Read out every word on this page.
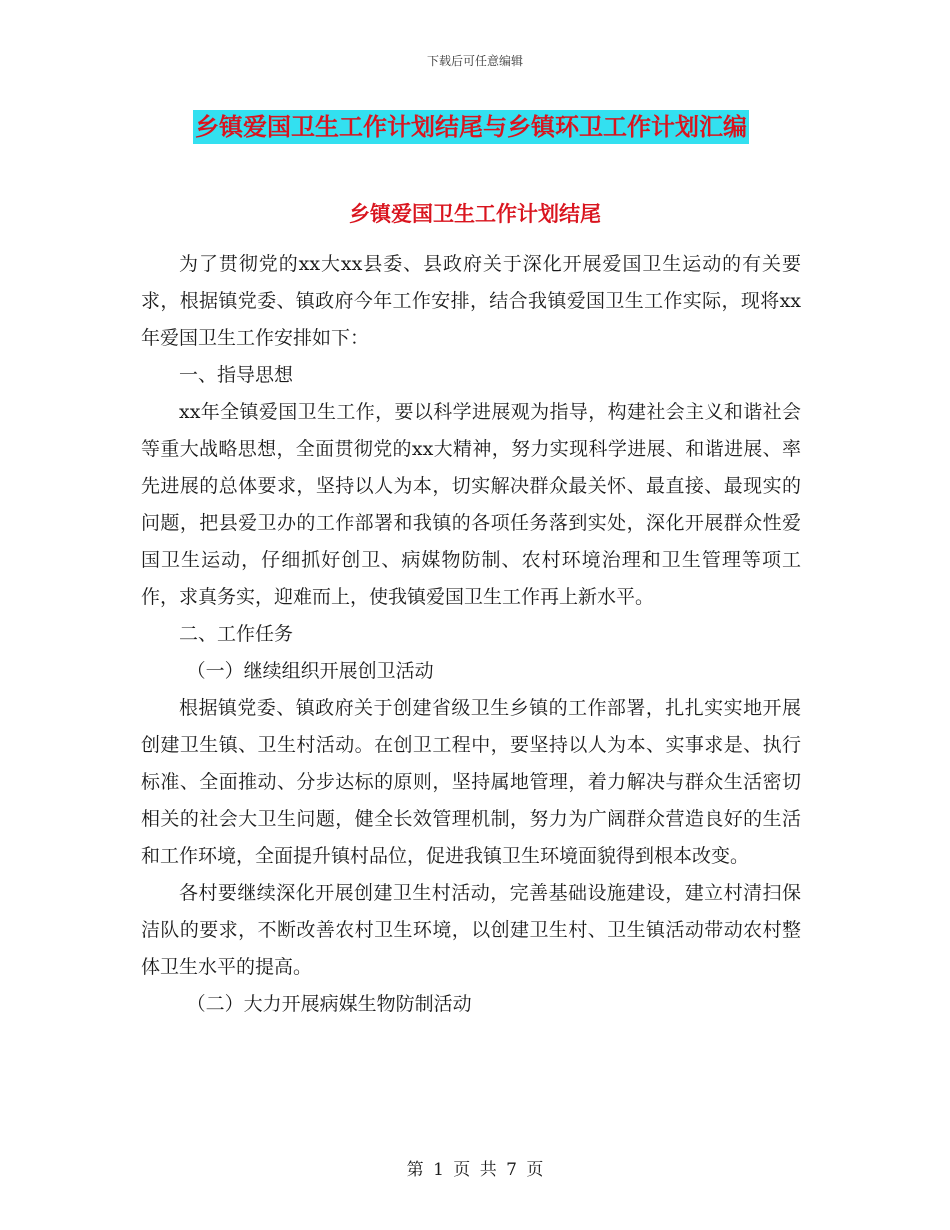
下载后可任意编辑
乡镇爱国卫生工作计划结尾与乡镇环卫工作计划汇编
乡镇爱国卫生工作计划结尾

为了贯彻党的xx大xx县委、县政府关于深化开展爱国卫生运动的有关要求，根据镇党委、镇政府今年工作安排，结合我镇爱国卫生工作实际，现将xx年爱国卫生工作安排如下：

一、指导思想

xx年全镇爱国卫生工作，要以科学进展观为指导，构建社会主义和谐社会等重大战略思想，全面贯彻党的xx大精神，努力实现科学进展、和谐进展、率先进展的总体要求，坚持以人为本，切实解决群众最关怀、最直接、最现实的问题，把县爱卫办的工作部署和我镇的各项任务落到实处，深化开展群众性爱国卫生运动，仔细抓好创卫、病媒物防制、农村环境治理和卫生管理等项工作，求真务实，迎难而上，使我镇爱国卫生工作再上新水平。

二、工作任务

（一）继续组织开展创卫活动

根据镇党委、镇政府关于创建省级卫生乡镇的工作部署，扎扎实实地开展创建卫生镇、卫生村活动。在创卫工程中，要坚持以人为本、实事求是、执行标准、全面推动、分步达标的原则，坚持属地管理，着力解决与群众生活密切相关的社会大卫生问题，健全长效管理机制，努力为广阔群众营造良好的生活和工作环境，全面提升镇村品位，促进我镇卫生环境面貌得到根本改变。

各村要继续深化开展创建卫生村活动，完善基础设施建设，建立村清扫保洁队的要求，不断改善农村卫生环境，以创建卫生村、卫生镇活动带动农村整体卫生水平的提高。

（二）大力开展病媒生物防制活动

第 1 页 共 7 页
